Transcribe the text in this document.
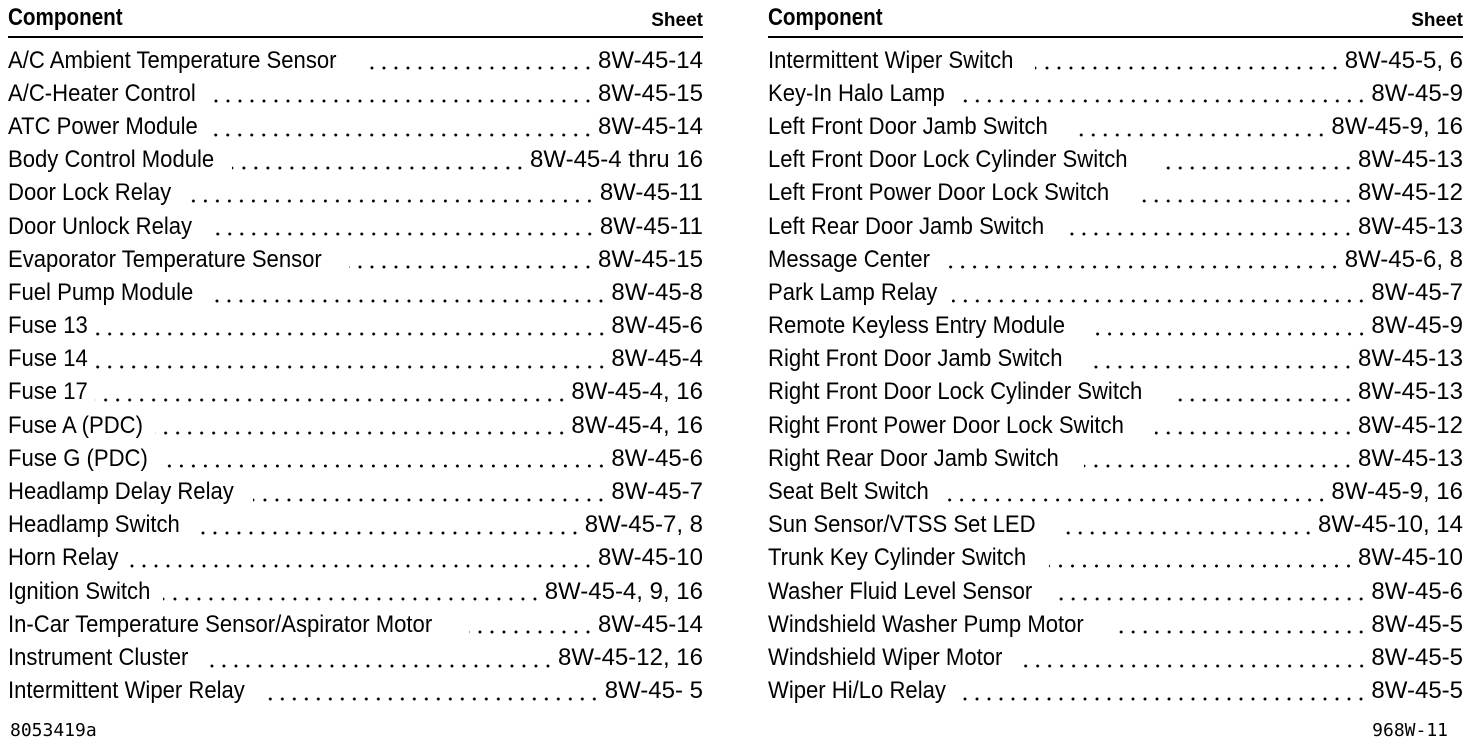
Component	Sheet
A/C Ambient Temperature Sensor	8W-45-14
A/C-Heater Control	8W-45-15
ATC Power Module	8W-45-14
Body Control Module	8W-45-4 thru 16
Door Lock Relay	8W-45-11
Door Unlock Relay	8W-45-11
Evaporator Temperature Sensor	8W-45-15
Fuel Pump Module	8W-45-8
Fuse 13	8W-45-6
Fuse 14	8W-45-4
Fuse 17	8W-45-4, 16
Fuse A (PDC)	8W-45-4, 16
Fuse G (PDC)	8W-45-6
Headlamp Delay Relay	8W-45-7
Headlamp Switch	8W-45-7, 8
Horn Relay	8W-45-10
Ignition Switch	8W-45-4, 9, 16
In-Car Temperature Sensor/Aspirator Motor	8W-45-14
Instrument Cluster	8W-45-12, 16
Intermittent Wiper Relay	8W-45- 5
Component	Sheet
Intermittent Wiper Switch	8W-45-5, 6
Key-In Halo Lamp	8W-45-9
Left Front Door Jamb Switch	8W-45-9, 16
Left Front Door Lock Cylinder Switch	8W-45-13
Left Front Power Door Lock Switch	8W-45-12
Left Rear Door Jamb Switch	8W-45-13
Message Center	8W-45-6, 8
Park Lamp Relay	8W-45-7
Remote Keyless Entry Module	8W-45-9
Right Front Door Jamb Switch	8W-45-13
Right Front Door Lock Cylinder Switch	8W-45-13
Right Front Power Door Lock Switch	8W-45-12
Right Rear Door Jamb Switch	8W-45-13
Seat Belt Switch	8W-45-9, 16
Sun Sensor/VTSS Set LED	8W-45-10, 14
Trunk Key Cylinder Switch	8W-45-10
Washer Fluid Level Sensor	8W-45-6
Windshield Washer Pump Motor	8W-45-5
Windshield Wiper Motor	8W-45-5
Wiper Hi/Lo Relay	8W-45-5
8053419a	968W-11
